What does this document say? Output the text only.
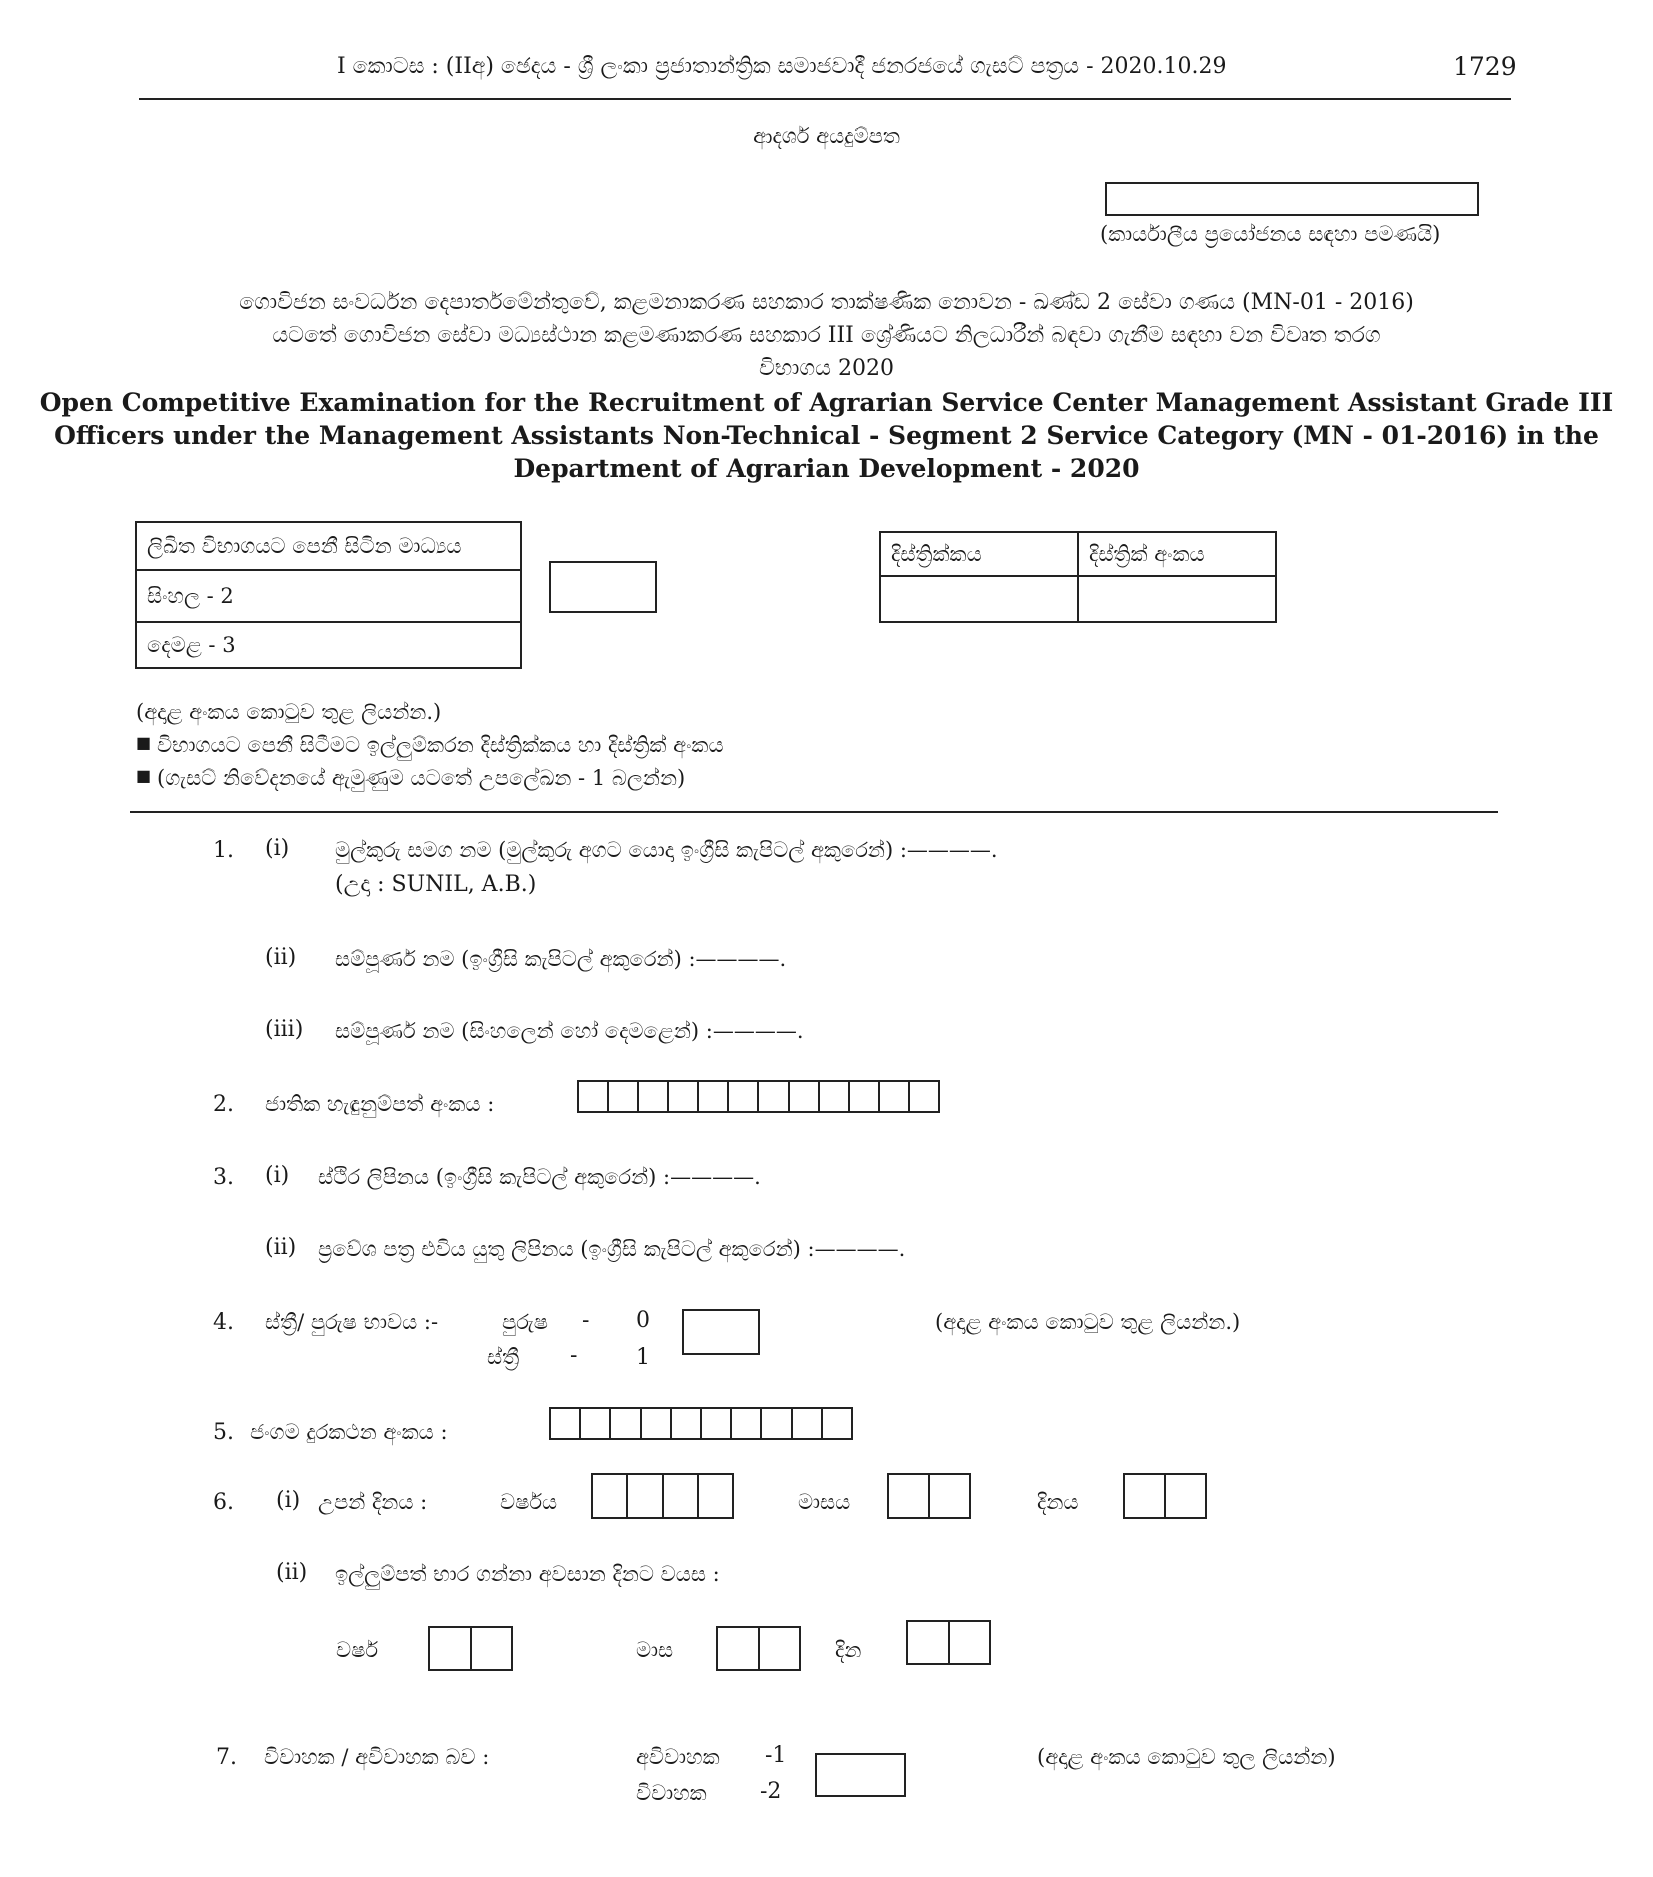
I කොටස : (IIඅ) ඡෙදය - ශ්‍රී ලංකා ප්‍රජාතාන්ත්‍රික සමාජවාදී ජනරජයේ ගැසට් පත්‍රය - 2020.10.29	1729
ආදර්ශ අයදුම්පත
(කාර්යාලීය ප්‍රයෝජනය සඳහා පමණයි)
ගොවිජන සංවර්ධන දෙපාර්තමේන්තුවේ, කළමනාකරණ සහකාර තාක්ෂණික නොවන - ඛණ්ඩ 2 සේවා ගණය (MN-01 - 2016)
යටතේ ගොවිජන සේවා මධ්‍යස්ථාන කළමණාකරණ සහකාර III ශ්‍රේණියට නිලධාරීන් බඳවා ගැනීම සඳහා වන විවෘත තරග
විභාගය 2020
Open Competitive Examination for the Recruitment of Agrarian Service Center Management Assistant Grade III
Officers under the Management Assistants Non-Technical - Segment 2 Service Category (MN - 01-2016) in the
Department of Agrarian Development - 2020
ලිඛිත විභාගයට පෙනී සිටින මාධ්‍යය
සිංහල - 2
දෙමළ - 3
දිස්ත්‍රික්කය	දිස්ත්‍රික් අංකය

(අදාළ අංකය කොටුව තුළ ලියන්න.)
■ විභාගයට පෙනී සිටීමට ඉල්ලුම්කරන දිස්ත්‍රික්කය හා දිස්ත්‍රික් අංකය
■ (ගැසට් නිවේදනයේ ඇමුණුම යටතේ උපලේඛන - 1 බලන්න)
1. (i) මුල්කුරු සමග නම (මුල්කුරු අගට යොදා ඉංග්‍රීසි කැපිටල් අකුරෙන්) :————.
(උදා : SUNIL, A.B.)
(ii) සම්පූර්ණ නම (ඉංග්‍රීසි කැපිටල් අකුරෙන්) :————.
(iii) සම්පූර්ණ නම (සිංහලෙන් හෝ දෙමළෙන්) :————.
2. ජාතික හැඳුනුම්පත් අංකය :
3. (i) ස්ථිර ලිපිනය (ඉංග්‍රීසි කැපිටල් අකුරෙන්) :————.
(ii) ප්‍රවේශ පත්‍ර එවිය යුතු ලිපිනය (ඉංග්‍රීසි කැපිටල් අකුරෙන්) :————.
4. ස්ත්‍රී/ පුරුෂ භාවය :-	පුරුෂ - 0
ස්ත්‍රී -	1
(අදාළ අංකය කොටුව තුළ ලියන්න.)
5. ජංගම දුරකථන අංකය :
6. (i) උපන් දිනය :	වර්ෂය	මාසය	දිනය
(ii) ඉල්ලුම්පත් භාර ගන්නා අවසාන දිනට වයස :
වර්ෂ	මාස	දින
7. විවාහක / අවිවාහක බව :	අවිවාහක -1
විවාහක -2
(අදාළ අංකය කොටුව තුල ලියන්න)
